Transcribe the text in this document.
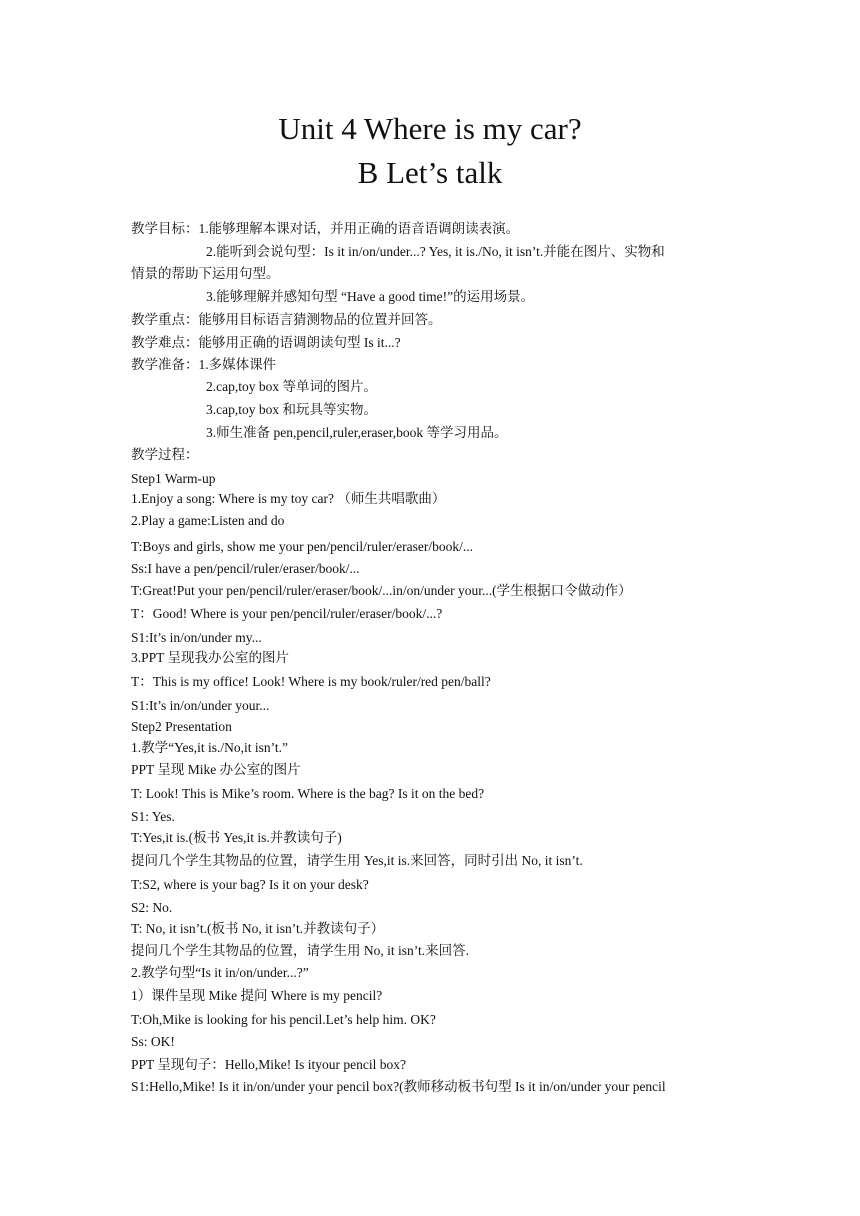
Unit 4 Where is my car?
B Let’s talk
教学目标：1.能够理解本课对话，并用正确的语音语调朗读表演。
2.能听到会说句型：Is it in/on/under...? Yes, it is./No, it isn’t.并能在图片、实物和
情景的帮助下运用句型。
3.能够理解并感知句型 “Have a good time!”的运用场景。
教学重点：能够用目标语言猜测物品的位置并回答。
教学难点：能够用正确的语调朗读句型 Is it...?
教学准备：1.多媒体课件
2.cap,toy box 等单词的图片。
3.cap,toy box 和玩具等实物。
3.师生准备 pen,pencil,ruler,eraser,book 等学习用品。
教学过程：
Step1 Warm-up
1.Enjoy a song: Where is my toy car? （师生共唱歌曲）
2.Play a game:Listen and do
T:Boys and girls, show me your pen/pencil/ruler/eraser/book/...
Ss:I have a pen/pencil/ruler/eraser/book/...
T:Great!Put your pen/pencil/ruler/eraser/book/...in/on/under your...(学生根据口令做动作）
T：Good! Where is your pen/pencil/ruler/eraser/book/...?
S1:It’s in/on/under my...
3.PPT 呈现我办公室的图片
T：This is my office! Look! Where is my book/ruler/red pen/ball?
S1:It’s in/on/under your...
Step2 Presentation
1.教学“Yes,it is./No,it isn’t.”
PPT 呈现 Mike 办公室的图片
T: Look! This is Mike’s room. Where is the bag? Is it on the bed?
S1: Yes.
T:Yes,it is.(板书 Yes,it is.并教读句子)
提问几个学生其物品的位置，请学生用 Yes,it is.来回答，同时引出 No, it isn’t.
T:S2, where is your bag? Is it on your desk?
S2: No.
T: No, it isn’t.(板书 No, it isn’t.并教读句子）
提问几个学生其物品的位置，请学生用 No, it isn’t.来回答.
2.教学句型“Is it in/on/under...?”
1）课件呈现 Mike 提问 Where is my pencil?
T:Oh,Mike is looking for his pencil.Let’s help him. OK?
Ss: OK!
PPT 呈现句子：Hello,Mike! Is ityour pencil box?
S1:Hello,Mike! Is it in/on/under your pencil box?(教师移动板书句型 Is it in/on/under your pencil
